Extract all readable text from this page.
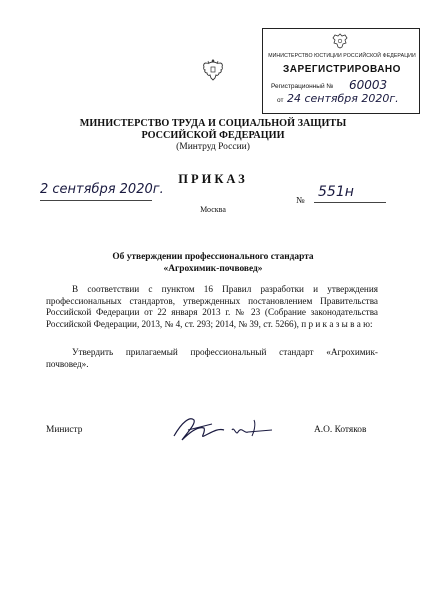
МИНИСТЕРСТВО ЮСТИЦИИ РОССИЙСКОЙ ФЕДЕРАЦИИ
ЗАРЕГИСТРИРОВАНО
Регистрационный № 60003
от 24 сентября 2020г.
МИНИСТЕРСТВО ТРУДА И СОЦИАЛЬНОЙ ЗАЩИТЫ
РОССИЙСКОЙ ФЕДЕРАЦИИ
(Минтруд России)
2 сентября 2020г.
ПРИКАЗ
Москва
№ 551н
Об утверждении профессионального стандарта
«Агрохимик-почвовед»
В соответствии с пунктом 16 Правил разработки и утверждения профессиональных стандартов, утвержденных постановлением Правительства Российской Федерации от 22 января 2013 г. № 23 (Собрание законодательства Российской Федерации, 2013, № 4, ст. 293; 2014, № 39, ст. 5266), п р и к а з ы в а ю:
Утвердить прилагаемый профессиональный стандарт «Агрохимик-почвовед».
Министр	А.О. Котяков
